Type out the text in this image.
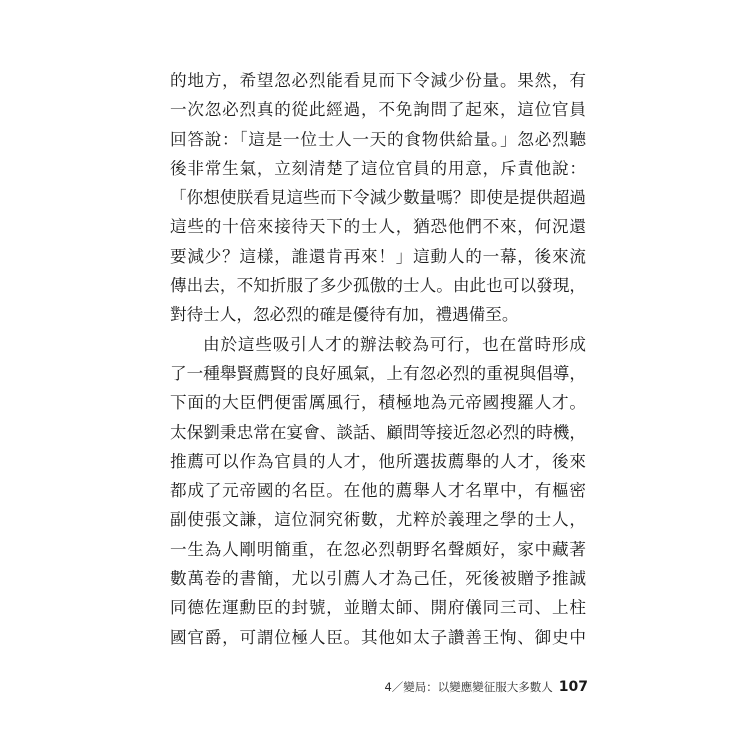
的地方，希望忽必烈能看見而下令減少份量。果然，有
一次忽必烈真的從此經過，不免詢問了起來，這位官員
回答說：「這是一位士人一天的食物供給量。」忽必烈聽
後非常生氣，立刻清楚了這位官員的用意，斥責他說：
「你想使朕看見這些而下令減少數量嗎？即使是提供超過
這些的十倍來接待天下的士人，猶恐他們不來，何況還
要減少？這樣，誰還肯再來！」這動人的一幕，後來流
傳出去，不知折服了多少孤傲的士人。由此也可以發現，
對待士人，忽必烈的確是優待有加，禮遇備至。
由於這些吸引人才的辦法較為可行，也在當時形成
了一種舉賢薦賢的良好風氣，上有忽必烈的重視與倡導，
下面的大臣們便雷厲風行，積極地為元帝國搜羅人才。
太保劉秉忠常在宴會、談話、顧問等接近忽必烈的時機，
推薦可以作為官員的人才，他所選拔薦舉的人才，後來
都成了元帝國的名臣。在他的薦舉人才名單中，有樞密
副使張文謙，這位洞究術數，尤粹於義理之學的士人，
一生為人剛明簡重，在忽必烈朝野名聲頗好，家中藏著
數萬卷的書簡，尤以引薦人才為己任，死後被贈予推誠
同德佐運勳臣的封號，並贈太師、開府儀同三司、上柱
國官爵，可謂位極人臣。其他如太子讚善王恂、御史中
4／變局：以變應變征服大多數人 107
